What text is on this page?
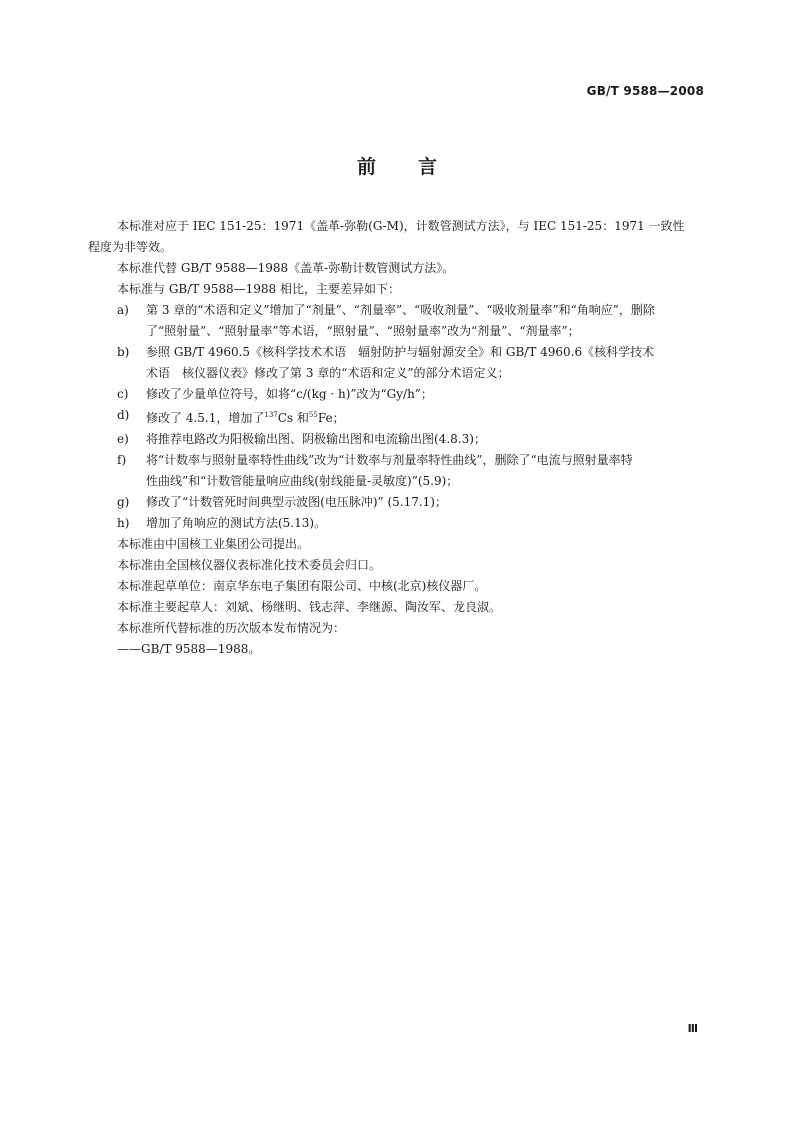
GB/T 9588—2008
前言
本标准对应于 IEC 151-25：1971《盖革-弥勒(G-M)，计数管测试方法》，与 IEC 151-25：1971 一致性
程度为非等效。
本标准代替 GB/T 9588—1988《盖革-弥勒计数管测试方法》。
本标准与 GB/T 9588—1988 相比，主要差异如下：
a)	第 3 章的“术语和定义”增加了“剂量”、“剂量率”、“吸收剂量”、“吸收剂量率”和“角响应”，删除
了“照射量”、“照射量率”等术语，“照射量”、“照射量率”改为“剂量”、“剂量率”；
b)	参照 GB/T 4960.5《核科学技术术语　辐射防护与辐射源安全》和 GB/T 4960.6《核科学技术
术语　核仪器仪表》修改了第 3 章的“术语和定义”的部分术语定义；
c)	修改了少量单位符号，如将“c/(kg · h)”改为“Gy/h”；
d)	修改了 4.5.1，增加了$^{137}$Cs 和$^{55}$Fe；
e)	将推荐电路改为阳极输出图、阴极输出图和电流输出图(4.8.3)；
f)	将“计数率与照射量率特性曲线”改为“计数率与剂量率特性曲线”，删除了“电流与照射量率特
性曲线”和“计数管能量响应曲线(射线能量-灵敏度)”(5.9)；
g)	修改了“计数管死时间典型示波图(电压脉冲)” (5.17.1)；
h)	增加了角响应的测试方法(5.13)。
本标准由中国核工业集团公司提出。
本标准由全国核仪器仪表标准化技术委员会归口。
本标准起草单位：南京华东电子集团有限公司、中核(北京)核仪器厂。
本标准主要起草人：刘斌、杨继明、钱志萍、李继源、陶汝军、龙良淑。
本标准所代替标准的历次版本发布情况为：
——GB/T 9588—1988。
Ⅲ
